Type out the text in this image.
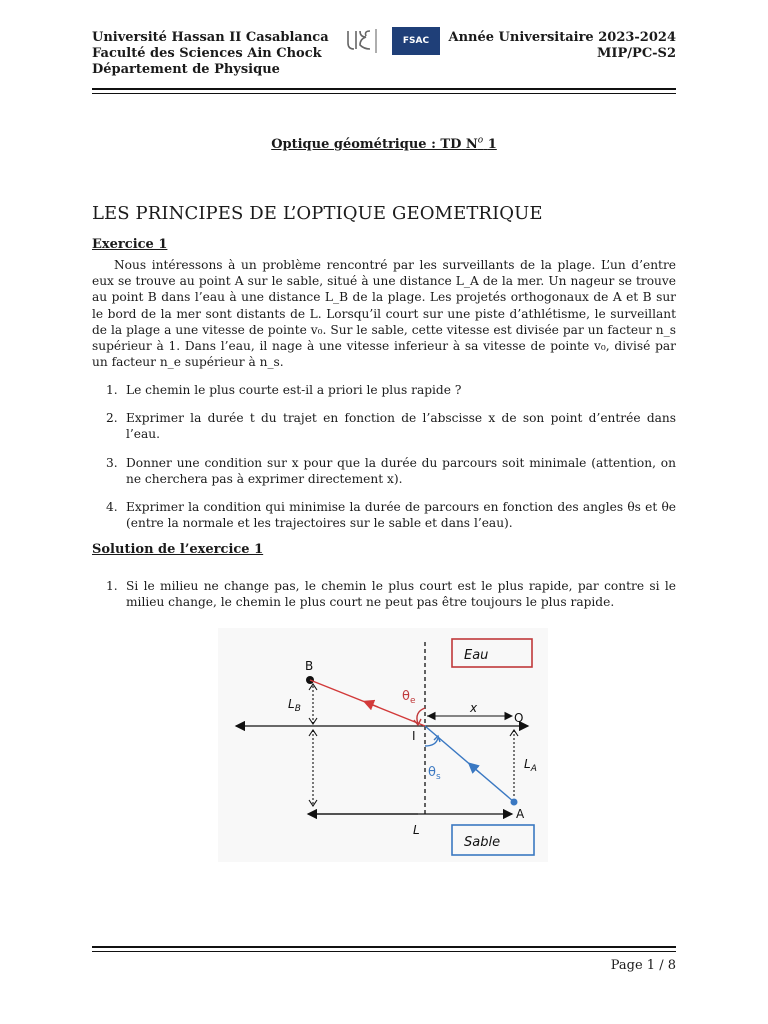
Université Hassan II Casablanca
Faculté des Sciences Ain Chock
Département de Physique
FSAC	Année Universitaire 2023-2024
MIP/PC-S2
Optique géométrique : TD $N^o$ 1
LES PRINCIPES DE L’OPTIQUE GEOMETRIQUE
Exercice 1
Nous intéressons à un problème rencontré par les surveillants de la plage. L’un d’entre eux se trouve au point A sur le sable, situé à une distance L_A de la mer. Un nageur se trouve au point B dans l’eau à une distance L_B de la plage. Les projetés orthogonaux de A et B sur le bord de la mer sont distants de L. Lorsqu’il court sur une piste d’athlétisme, le surveillant de la plage a une vitesse de pointe v₀. Sur le sable, cette vitesse est divisée par un facteur n_s supérieur à 1. Dans l’eau, il nage à une vitesse inferieur à sa vitesse de pointe v₀, divisé par un facteur n_e supérieur à n_s.
1. Le chemin le plus courte est-il a priori le plus rapide ?
2. Exprimer la durée t du trajet en fonction de l’abscisse x de son point d’entrée dans l’eau.
3. Donner une condition sur x pour que la durée du parcours soit minimale (attention, on ne cherchera pas à exprimer directement x).
4. Exprimer la condition qui minimise la durée de parcours en fonction des angles θs et θe (entre la normale et les trajectoires sur le sable et dans l’eau).
Solution de l’exercice 1
1. Si le milieu ne change pas, le chemin le plus court est le plus rapide, par contre si le milieu change, le chemin le plus court ne peut pas être toujours le plus rapide.
Eau
Sable
B
A
O
I
x
$L_B$
$L_A$
L
$\theta_e$
$\theta_s$
Page 1 / 8
